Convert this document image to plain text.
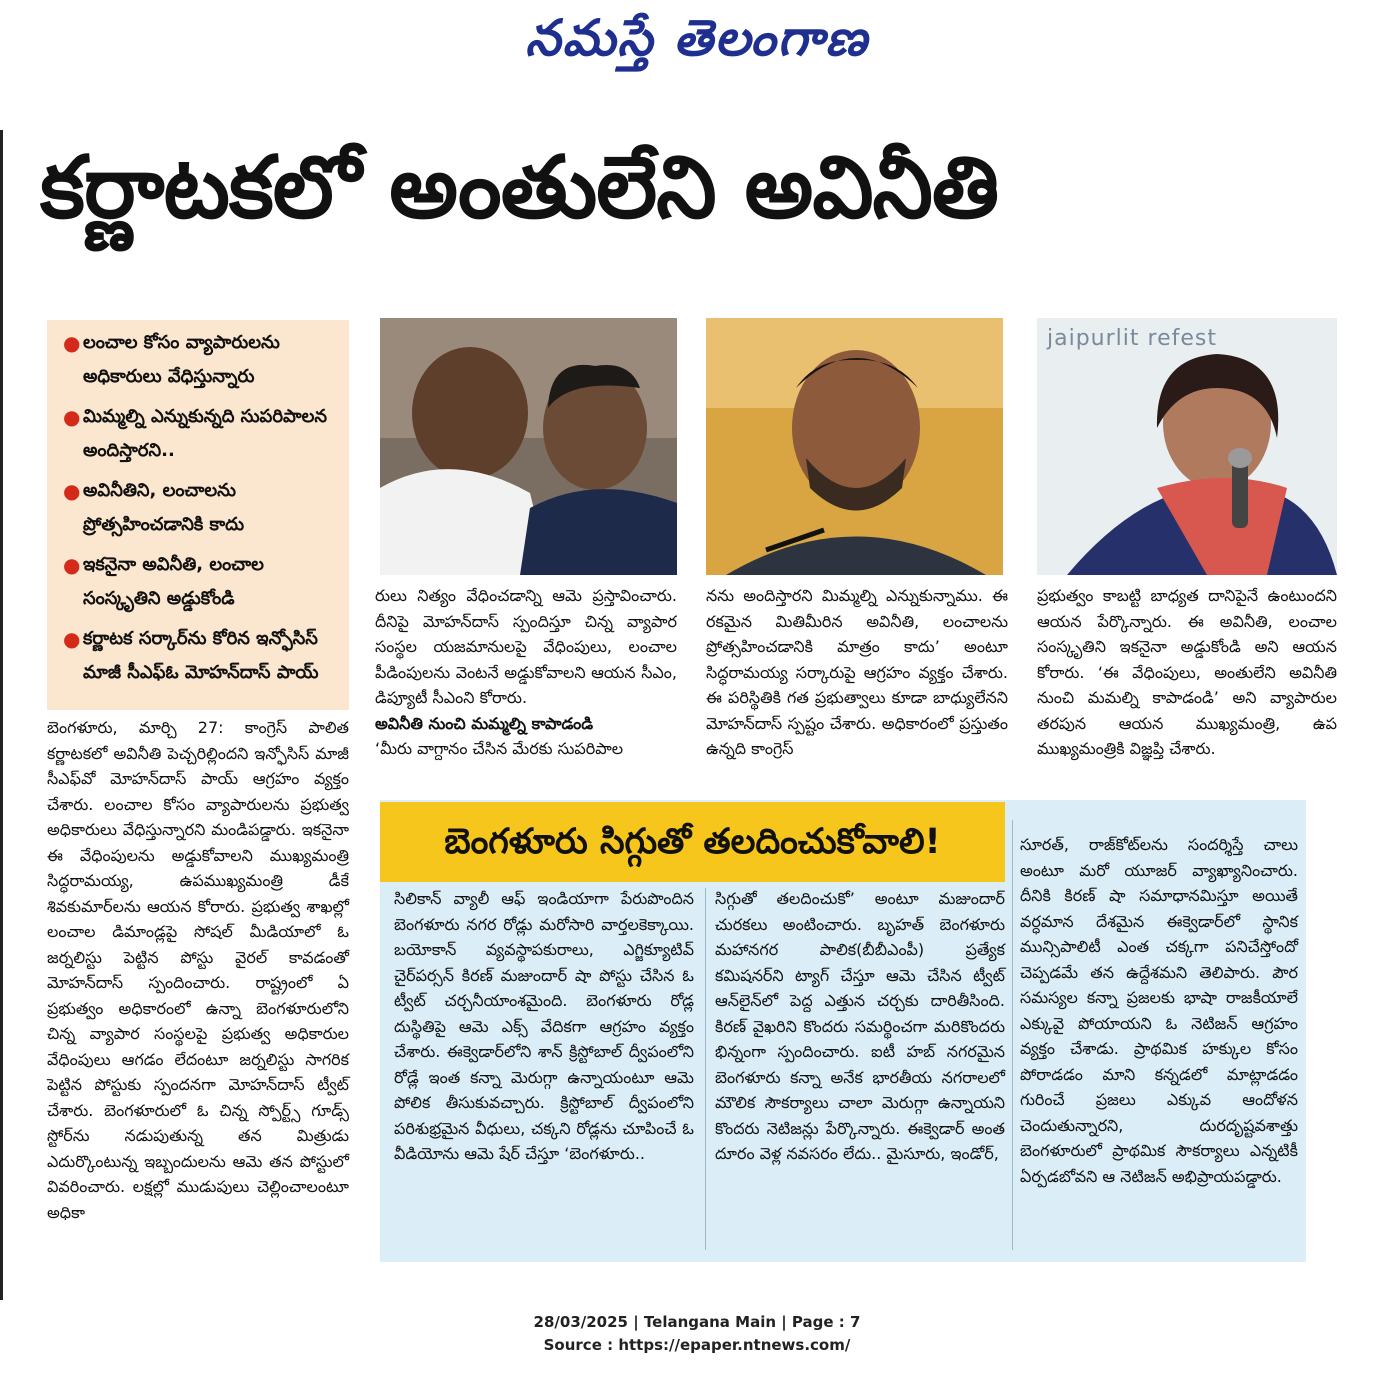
నమస్తే తెలంగాణ
కర్ణాటకలో అంతులేని అవినీతి
● లంచాల కోసం వ్యాపారులను అధికారులు వేధిస్తున్నారు
● మిమ్మల్ని ఎన్నుకున్నది సుపరిపాలన అందిస్తారని..
● అవినీతిని, లంచాలను ప్రోత్సహించడానికి కాదు
● ఇకనైనా అవినీతి, లంచాల సంస్కృతిని అడ్డుకోండి
● కర్ణాటక సర్కార్‌ను కోరిన ఇన్ఫోసిస్ మాజీ సీఎఫ్‌ఓ మోహన్‌దాస్ పాయ్
jaipurlit refest

బెంగళూరు, మార్చి 27: కాంగ్రెస్ పాలిత కర్ణాటకలో అవినీతి పెచ్చరిల్లిందని ఇన్ఫోసిస్ మాజీ సీఎఫ్‌వో మోహన్‌దాస్ పాయ్ ఆగ్రహం వ్యక్తం చేశారు. లంచాల కోసం వ్యాపారులను ప్రభుత్వ అధికారులు వేధిస్తున్నారని మండిపడ్డారు. ఇకనైనా ఈ వేధింపులను అడ్డుకోవాలని ముఖ్యమంత్రి సిద్ధరామయ్య, ఉపముఖ్యమంత్రి డీకే శివకుమార్‌లను ఆయన కోరారు. ప్రభుత్వ శాఖల్లో లంచాల డిమాండ్లపై సోషల్ మీడియాలో ఓ జర్నలిస్టు పెట్టిన పోస్టు వైరల్ కావడంతో మోహన్‌దాస్ స్పందించారు. రాష్ట్రంలో ఏ ప్రభుత్వం అధికారంలో ఉన్నా బెంగళూరులోని చిన్న వ్యాపార సంస్థలపై ప్రభుత్వ అధికారుల వేధింపులు ఆగడం లేదంటూ జర్నలిస్టు సాగరిక పెట్టిన పోస్టుకు స్పందనగా మోహన్‌దాస్ ట్వీట్ చేశారు. బెంగళూరులో ఓ చిన్న స్పోర్ట్స్ గూడ్స్ స్టోర్‌ను నడుపుతున్న తన మిత్రుడు ఎదుర్కొంటున్న ఇబ్బందులను ఆమె తన పోస్టులో వివరించారు. లక్షల్లో ముడుపులు చెల్లించాలంటూ అధికా

రులు నిత్యం వేధించడాన్ని ఆమె ప్రస్తావించారు. దీనిపై మోహన్‌దాస్ స్పందిస్తూ చిన్న వ్యాపార సంస్థల యజమానులపై వేధింపులు, లంచాల పీడింపులను వెంటనే అడ్డుకోవాలని ఆయన సీఎం, డిప్యూటీ సీఎంని కోరారు.

అవినీతి నుంచి మమ్మల్ని కాపాడండి

‘మీరు వాగ్దానం చేసిన మేరకు సుపరిపాల

నను అందిస్తారని మిమ్మల్ని ఎన్నుకున్నాము. ఈ రకమైన మితిమీరిన అవినీతి, లంచాలను ప్రోత్సహించడానికి మాత్రం కాదు’ అంటూ సిద్ధరామయ్య సర్కారుపై ఆగ్రహం వ్యక్తం చేశారు. ఈ పరిస్థితికి గత ప్రభుత్వాలు కూడా బాధ్యులేనని మోహన్‌దాస్ స్పష్టం చేశారు. అధికారంలో ప్రస్తుతం ఉన్నది కాంగ్రెస్

ప్రభుత్వం కాబట్టి బాధ్యత దానిపైనే ఉంటుందని ఆయన పేర్కొన్నారు. ఈ అవినీతి, లంచాల సంస్కృతిని ఇకనైనా అడ్డుకోండి అని ఆయన కోరారు. ‘ఈ వేధింపులు, అంతులేని అవినీతి నుంచి మమల్ని కాపాడండి’ అని వ్యాపారుల తరపున ఆయన ముఖ్యమంత్రి, ఉప ముఖ్యమంత్రికి విజ్ఞప్తి చేశారు.

బెంగళూరు సిగ్గుతో తలదించుకోవాలి!

సిలికాన్ వ్యాలీ ఆఫ్ ఇండియాగా పేరుపొందిన బెంగళూరు నగర రోడ్లు మరోసారి వార్తలకెక్కాయి. బయోకాన్ వ్యవస్థాపకురాలు, ఎగ్జిక్యూటివ్ చైర్‌పర్సన్ కిరణ్ మజుందార్ షా పోస్టు చేసిన ఓ ట్వీట్ చర్చనీయాంశమైంది. బెంగళూరు రోడ్ల దుస్థితిపై ఆమె ఎక్స్ వేదికగా ఆగ్రహం వ్యక్తం చేశారు. ఈక్వెడార్‌లోని శాన్ క్రిస్టోబాల్ ద్వీపంలోని రోడ్లే ఇంత కన్నా మెరుగ్గా ఉన్నాయంటూ ఆమె పోలిక తీసుకువచ్చారు. క్రిస్టోబాల్ ద్వీపంలోని పరిశుభ్రమైన వీధులు, చక్కని రోడ్లను చూపించే ఓ వీడియోను ఆమె షేర్ చేస్తూ ‘బెంగళూరు..

సిగ్గుతో తలదించుకో’ అంటూ మజుందార్ చురకలు అంటించారు. బృహత్ బెంగళూరు మహానగర పాలిక(బీబీఎంపీ) ప్రత్యేక కమిషనర్‌ని ట్యాగ్ చేస్తూ ఆమె చేసిన ట్వీట్ ఆన్‌లైన్‌లో పెద్ద ఎత్తున చర్చకు దారితీసింది. కిరణ్ వైఖరిని కొందరు సమర్థించగా మరికొందరు భిన్నంగా స్పందించారు. ఐటీ హబ్ నగరమైన బెంగళూరు కన్నా అనేక భారతీయ నగరాలలో మౌలిక సౌకర్యాలు చాలా మెరుగ్గా ఉన్నాయని కొందరు నెటిజన్లు పేర్కొన్నారు. ఈక్వెడార్ అంత దూరం వెళ్ల నవసరం లేదు.. మైసూరు, ఇండోర్,

సూరత్, రాజ్‌కోట్‌లను సందర్శిస్తే చాలు అంటూ మరో యూజర్ వ్యాఖ్యానించారు. దీనికి కిరణ్ షా సమాధానమిస్తూ అయితే వర్ధమాన దేశమైన ఈక్వెడార్‌లో స్థానిక మున్సిపాలిటీ ఎంత చక్కగా పనిచేస్తోందో చెప్పడమే తన ఉద్దేశమని తెలిపారు. పౌర సమస్యల కన్నా ప్రజలకు భాషా రాజకీయాలే ఎక్కువై పోయాయని ఓ నెటిజన్ ఆగ్రహం వ్యక్తం చేశాడు. ప్రాథమిక హక్కుల కోసం పోరాడడం మాని కన్నడలో మాట్లాడడం గురించే ప్రజలు ఎక్కువ ఆందోళన చెందుతున్నారని, దురదృష్టవశాత్తు బెంగళూరులో ప్రాథమిక సౌకర్యాలు ఎన్నటికీ ఏర్పడబోవని ఆ నెటిజన్ అభిప్రాయపడ్డారు.

28/03/2025 | Telangana Main | Page : 7
Source : https://epaper.ntnews.com/
